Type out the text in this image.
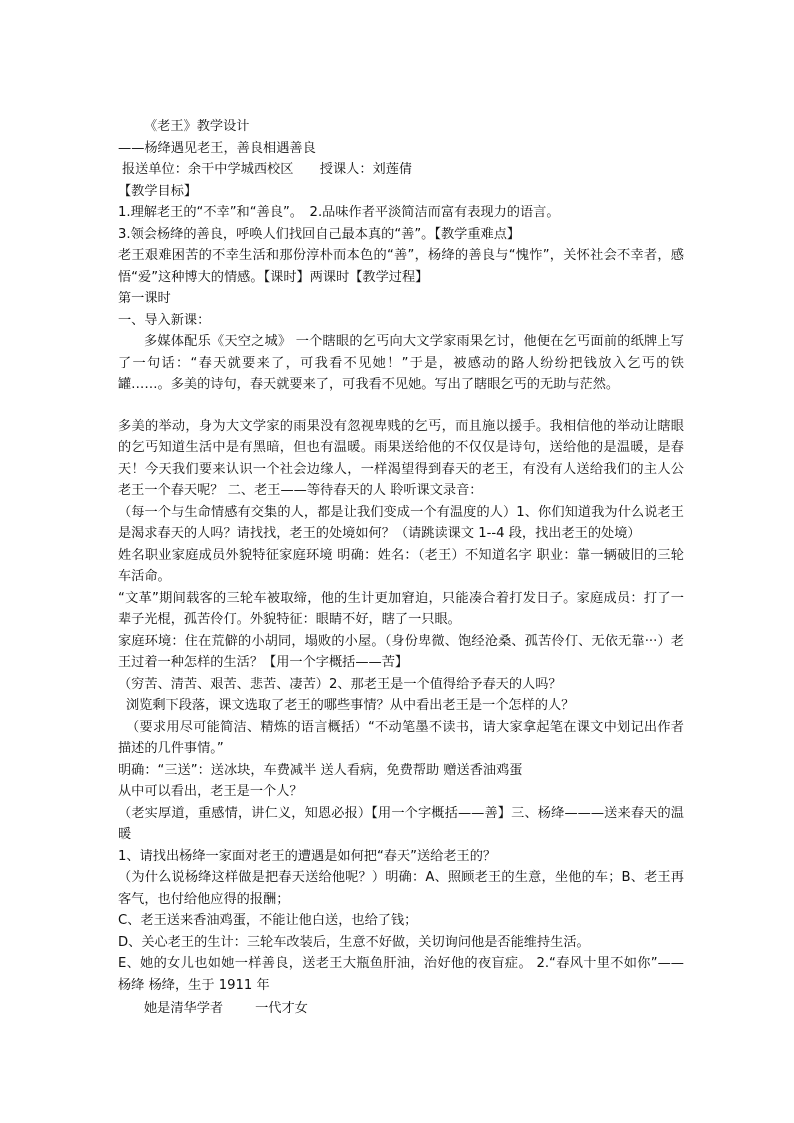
《老王》教学设计

——杨绛遇见老王，善良相遇善良

报送单位：余干中学城西校区　　授课人：刘莲倩

【教学目标】

1.理解老王的“不幸”和“善良”。　2.品味作者平淡简洁而富有表现力的语言。

3.领会杨绛的善良，呼唤人们找回自己最本真的“善”。【教学重难点】

老王艰难困苦的不幸生活和那份淳朴而本色的“善”，杨绛的善良与“愧怍”，关怀社会不幸者，感悟“爱”这种博大的情感。【课时】两课时【教学过程】

第一课时

一、导入新课：

多媒体配乐《天空之城》 一个瞎眼的乞丐向大文学家雨果乞讨，他便在乞丐面前的纸牌上写了一句话：“春天就要来了，可我看不见她！”于是，被感动的路人纷纷把钱放入乞丐的铁罐……。多美的诗句，春天就要来了，可我看不见她。写出了瞎眼乞丐的无助与茫然。

多美的举动，身为大文学家的雨果没有忽视卑贱的乞丐，而且施以援手。我相信他的举动让瞎眼的乞丐知道生活中是有黑暗，但也有温暖。雨果送给他的不仅仅是诗句，送给他的是温暖，是春天！今天我们要来认识一个社会边缘人，一样渴望得到春天的老王，有没有人送给我们的主人公老王一个春天呢？ 二、老王——等待春天的人 聆听课文录音：

（每一个与生命情感有交集的人，都是让我们变成一个有温度的人）1、你们知道我为什么说老王是渴求春天的人吗？请找找，老王的处境如何？（请跳读课文 1--4 段，找出老王的处境）

姓名职业家庭成员外貌特征家庭环境 明确：姓名：（老王）不知道名字 职业：靠一辆破旧的三轮车活命。

“文革”期间载客的三轮车被取缔，他的生计更加窘迫，只能凑合着打发日子。家庭成员：打了一辈子光棍，孤苦伶仃。外貌特征：眼睛不好，瞎了一只眼。

家庭环境：住在荒僻的小胡同，塌败的小屋。（身份卑微、饱经沧桑、孤苦伶仃、无依无靠···）老王过着一种怎样的生活？【用一个字概括——苦】

（穷苦、清苦、艰苦、悲苦、凄苦）2、那老王是一个值得给予春天的人吗？

浏览剩下段落，课文选取了老王的哪些事情？从中看出老王是一个怎样的人？

（要求用尽可能简洁、精炼的语言概括）“不动笔墨不读书，请大家拿起笔在课文中划记出作者描述的几件事情。”

明确：“三送”：送冰块，车费减半 送人看病，免费帮助 赠送香油鸡蛋

从中可以看出，老王是一个人？

（老实厚道，重感情，讲仁义，知恩必报）【用一个字概括——善】三、杨绛———送来春天的温暖

1、请找出杨绛一家面对老王的遭遇是如何把“春天”送给老王的？

（为什么说杨绛这样做是把春天送给他呢？）明确：A、照顾老王的生意，坐他的车；B、老王再客气，也付给他应得的报酬；

C、老王送来香油鸡蛋，不能让他白送，也给了钱；

D、关心老王的生计：三轮车改装后，生意不好做，关切询问他是否能维持生活。

E、她的女儿也如她一样善良，送老王大瓶鱼肝油，治好他的夜盲症。 2.“春风十里不如你”——杨绛 杨绛，生于 1911 年

她是清华学者 一代才女
